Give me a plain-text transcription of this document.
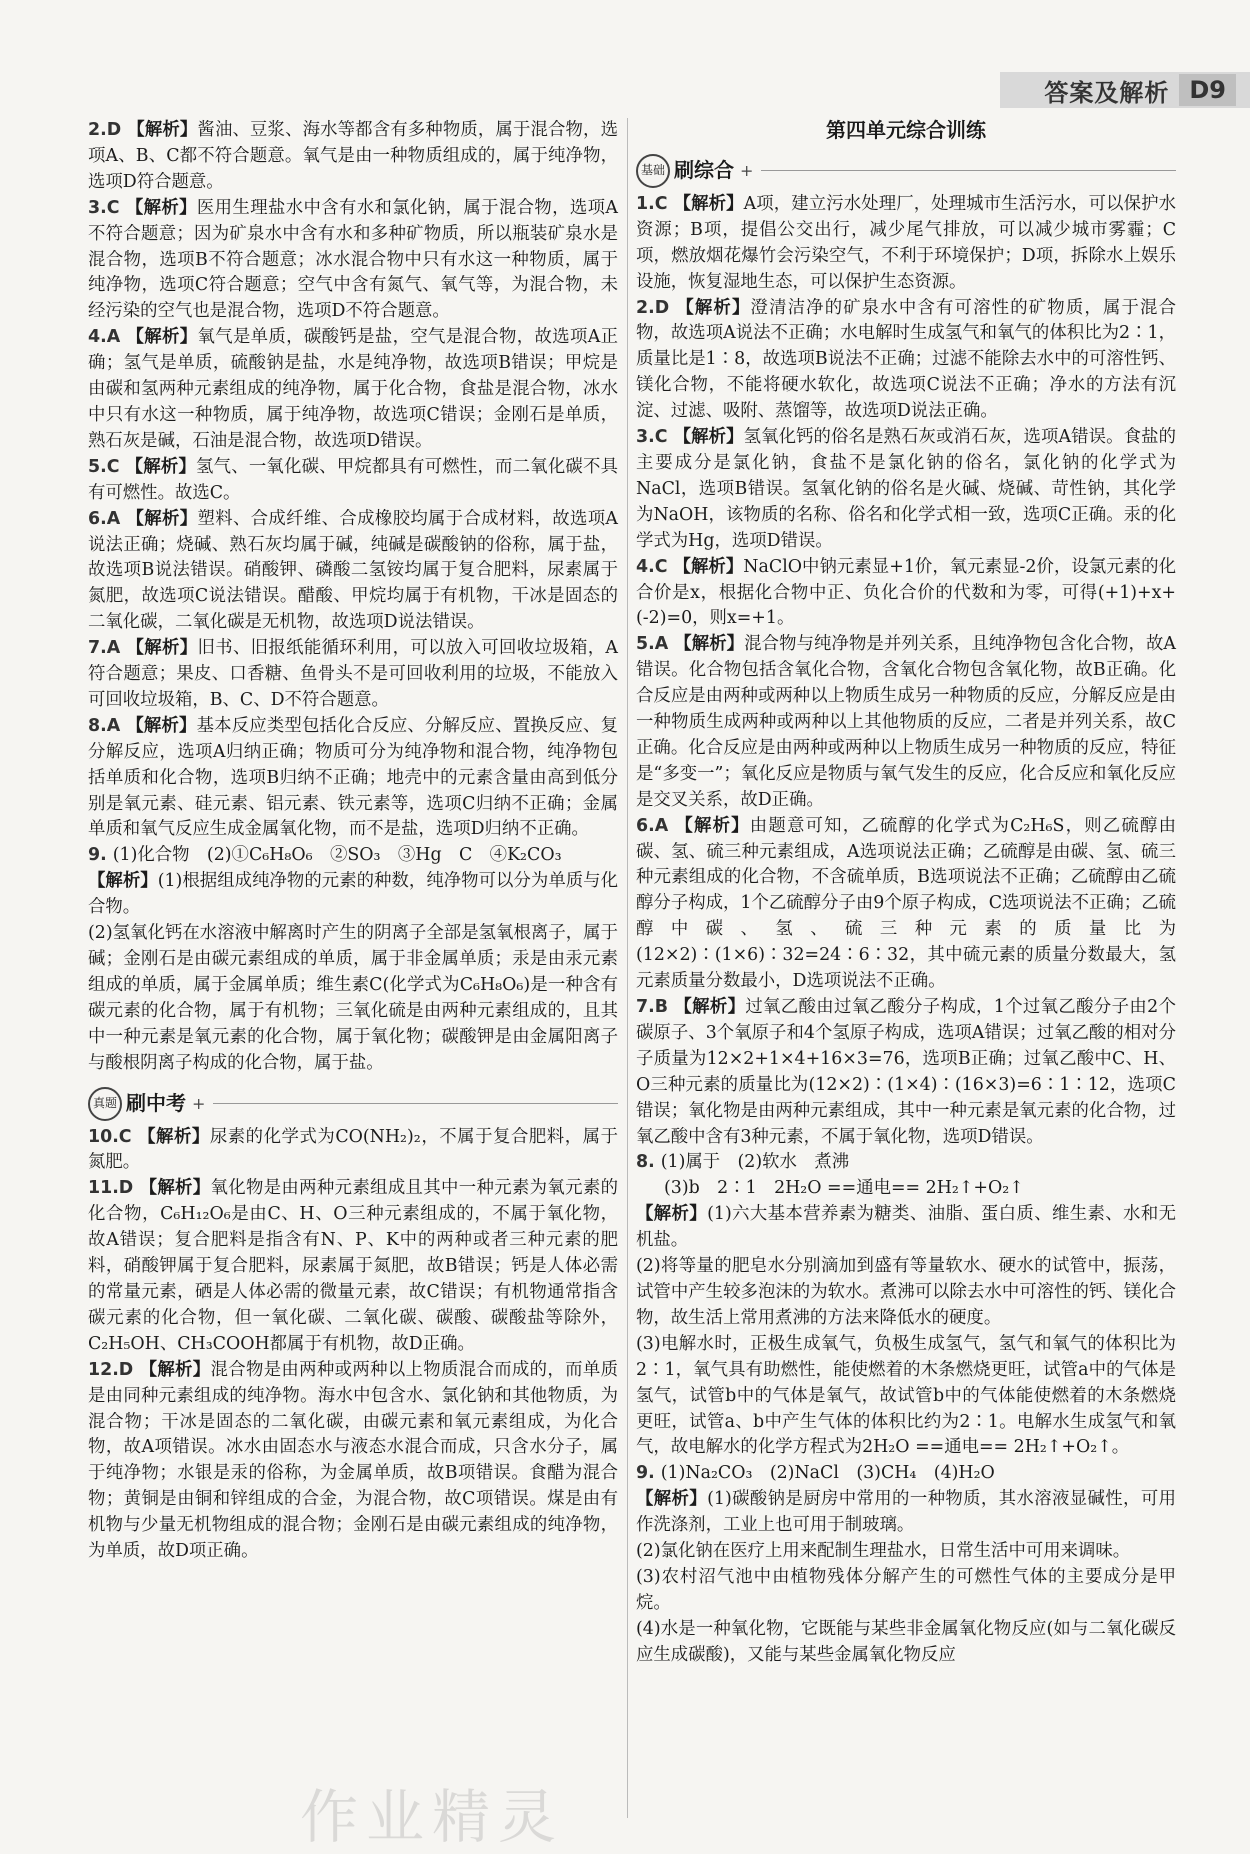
答案及解析 D9
2.D 【解析】酱油、豆浆、海水等都含有多种物质，属于混合物，选项A、B、C都不符合题意。氧气是由一种物质组成的，属于纯净物，选项D符合题意。
3.C 【解析】医用生理盐水中含有水和氯化钠，属于混合物，选项A不符合题意；因为矿泉水中含有水和多种矿物质，所以瓶装矿泉水是混合物，选项B不符合题意；冰水混合物中只有水这一种物质，属于纯净物，选项C符合题意；空气中含有氮气、氧气等，为混合物，未经污染的空气也是混合物，选项D不符合题意。
4.A 【解析】氧气是单质，碳酸钙是盐，空气是混合物，故选项A正确；氢气是单质，硫酸钠是盐，水是纯净物，故选项B错误；甲烷是由碳和氢两种元素组成的纯净物，属于化合物，食盐是混合物，冰水中只有水这一种物质，属于纯净物，故选项C错误；金刚石是单质，熟石灰是碱，石油是混合物，故选项D错误。
5.C 【解析】氢气、一氧化碳、甲烷都具有可燃性，而二氧化碳不具有可燃性。故选C。
6.A 【解析】塑料、合成纤维、合成橡胶均属于合成材料，故选项A说法正确；烧碱、熟石灰均属于碱，纯碱是碳酸钠的俗称，属于盐，故选项B说法错误。硝酸钾、磷酸二氢铵均属于复合肥料，尿素属于氮肥，故选项C说法错误。醋酸、甲烷均属于有机物，干冰是固态的二氧化碳，二氧化碳是无机物，故选项D说法错误。
7.A 【解析】旧书、旧报纸能循环利用，可以放入可回收垃圾箱，A符合题意；果皮、口香糖、鱼骨头不是可回收利用的垃圾，不能放入可回收垃圾箱，B、C、D不符合题意。
8.A 【解析】基本反应类型包括化合反应、分解反应、置换反应、复分解反应，选项A归纳正确；物质可分为纯净物和混合物，纯净物包括单质和化合物，选项B归纳不正确；地壳中的元素含量由高到低分别是氧元素、硅元素、铝元素、铁元素等，选项C归纳不正确；金属单质和氧气反应生成金属氧化物，而不是盐，选项D归纳不正确。
9. (1)化合物　(2)①C₆H₈O₆　②SO₃　③Hg　C　④K₂CO₃
【解析】(1)根据组成纯净物的元素的种数，纯净物可以分为单质与化合物。
(2)氢氧化钙在水溶液中解离时产生的阴离子全部是氢氧根离子，属于碱；金刚石是由碳元素组成的单质，属于非金属单质；汞是由汞元素组成的单质，属于金属单质；维生素C(化学式为C₆H₈O₆)是一种含有碳元素的化合物，属于有机物；三氧化硫是由两种元素组成的，且其中一种元素是氧元素的化合物，属于氧化物；碳酸钾是由金属阳离子与酸根阴离子构成的化合物，属于盐。
真题 刷中考 +
10.C 【解析】尿素的化学式为CO(NH₂)₂，不属于复合肥料，属于氮肥。
11.D 【解析】氧化物是由两种元素组成且其中一种元素为氧元素的化合物，C₆H₁₂O₆是由C、H、O三种元素组成的，不属于氧化物，故A错误；复合肥料是指含有N、P、K中的两种或者三种元素的肥料，硝酸钾属于复合肥料，尿素属于氮肥，故B错误；钙是人体必需的常量元素，硒是人体必需的微量元素，故C错误；有机物通常指含碳元素的化合物，但一氧化碳、二氧化碳、碳酸、碳酸盐等除外，C₂H₅OH、CH₃COOH都属于有机物，故D正确。
12.D 【解析】混合物是由两种或两种以上物质混合而成的，而单质是由同种元素组成的纯净物。海水中包含水、氯化钠和其他物质，为混合物；干冰是固态的二氧化碳，由碳元素和氧元素组成，为化合物，故A项错误。冰水由固态水与液态水混合而成，只含水分子，属于纯净物；水银是汞的俗称，为金属单质，故B项错误。食醋为混合物；黄铜是由铜和锌组成的合金，为混合物，故C项错误。煤是由有机物与少量无机物组成的混合物；金刚石是由碳元素组成的纯净物，为单质，故D项正确。
第四单元综合训练
基础 刷综合 +
1.C 【解析】A项，建立污水处理厂，处理城市生活污水，可以保护水资源；B项，提倡公交出行，减少尾气排放，可以减少城市雾霾；C项，燃放烟花爆竹会污染空气，不利于环境保护；D项，拆除水上娱乐设施，恢复湿地生态，可以保护生态资源。
2.D 【解析】澄清洁净的矿泉水中含有可溶性的矿物质，属于混合物，故选项A说法不正确；水电解时生成氢气和氧气的体积比为2∶1，质量比是1∶8，故选项B说法不正确；过滤不能除去水中的可溶性钙、镁化合物，不能将硬水软化，故选项C说法不正确；净水的方法有沉淀、过滤、吸附、蒸馏等，故选项D说法正确。
3.C 【解析】氢氧化钙的俗名是熟石灰或消石灰，选项A错误。食盐的主要成分是氯化钠，食盐不是氯化钠的俗名，氯化钠的化学式为NaCl，选项B错误。氢氧化钠的俗名是火碱、烧碱、苛性钠，其化学为NaOH，该物质的名称、俗名和化学式相一致，选项C正确。汞的化学式为Hg，选项D错误。
4.C 【解析】NaClO中钠元素显+1价，氧元素显-2价，设氯元素的化合价是x，根据化合物中正、负化合价的代数和为零，可得(+1)+x+(-2)=0，则x=+1。
5.A 【解析】混合物与纯净物是并列关系，且纯净物包含化合物，故A错误。化合物包括含氧化合物，含氧化合物包含氧化物，故B正确。化合反应是由两种或两种以上物质生成另一种物质的反应，分解反应是由一种物质生成两种或两种以上其他物质的反应，二者是并列关系，故C正确。化合反应是由两种或两种以上物质生成另一种物质的反应，特征是“多变一”；氧化反应是物质与氧气发生的反应，化合反应和氧化反应是交叉关系，故D正确。
6.A 【解析】由题意可知，乙硫醇的化学式为C₂H₆S，则乙硫醇由碳、氢、硫三种元素组成，A选项说法正确；乙硫醇是由碳、氢、硫三种元素组成的化合物，不含硫单质，B选项说法不正确；乙硫醇由乙硫醇分子构成，1个乙硫醇分子由9个原子构成，C选项说法不正确；乙硫醇中碳、氢、硫三种元素的质量比为(12×2)∶(1×6)∶32=24∶6∶32，其中硫元素的质量分数最大，氢元素质量分数最小，D选项说法不正确。
7.B 【解析】过氧乙酸由过氧乙酸分子构成，1个过氧乙酸分子由2个碳原子、3个氧原子和4个氢原子构成，选项A错误；过氧乙酸的相对分子质量为12×2+1×4+16×3=76，选项B正确；过氧乙酸中C、H、O三种元素的质量比为(12×2)∶(1×4)∶(16×3)=6∶1∶12，选项C错误；氧化物是由两种元素组成，其中一种元素是氧元素的化合物，过氧乙酸中含有3种元素，不属于氧化物，选项D错误。
8. (1)属于　(2)软水　煮沸
(3)b　2∶1　2H₂O ==通电== 2H₂↑+O₂↑
【解析】(1)六大基本营养素为糖类、油脂、蛋白质、维生素、水和无机盐。
(2)将等量的肥皂水分别滴加到盛有等量软水、硬水的试管中，振荡，试管中产生较多泡沫的为软水。煮沸可以除去水中可溶性的钙、镁化合物，故生活上常用煮沸的方法来降低水的硬度。
(3)电解水时，正极生成氧气，负极生成氢气，氢气和氧气的体积比为2∶1，氧气具有助燃性，能使燃着的木条燃烧更旺，试管a中的气体是氢气，试管b中的气体是氧气，故试管b中的气体能使燃着的木条燃烧更旺，试管a、b中产生气体的体积比约为2∶1。电解水生成氢气和氧气，故电解水的化学方程式为2H₂O ==通电== 2H₂↑+O₂↑。
9. (1)Na₂CO₃　(2)NaCl　(3)CH₄　(4)H₂O
【解析】(1)碳酸钠是厨房中常用的一种物质，其水溶液显碱性，可用作洗涤剂，工业上也可用于制玻璃。
(2)氯化钠在医疗上用来配制生理盐水，日常生活中可用来调味。
(3)农村沼气池中由植物残体分解产生的可燃性气体的主要成分是甲烷。
(4)水是一种氧化物，它既能与某些非金属氧化物反应(如与二氧化碳反应生成碳酸)，又能与某些金属氧化物反应
作业精灵
